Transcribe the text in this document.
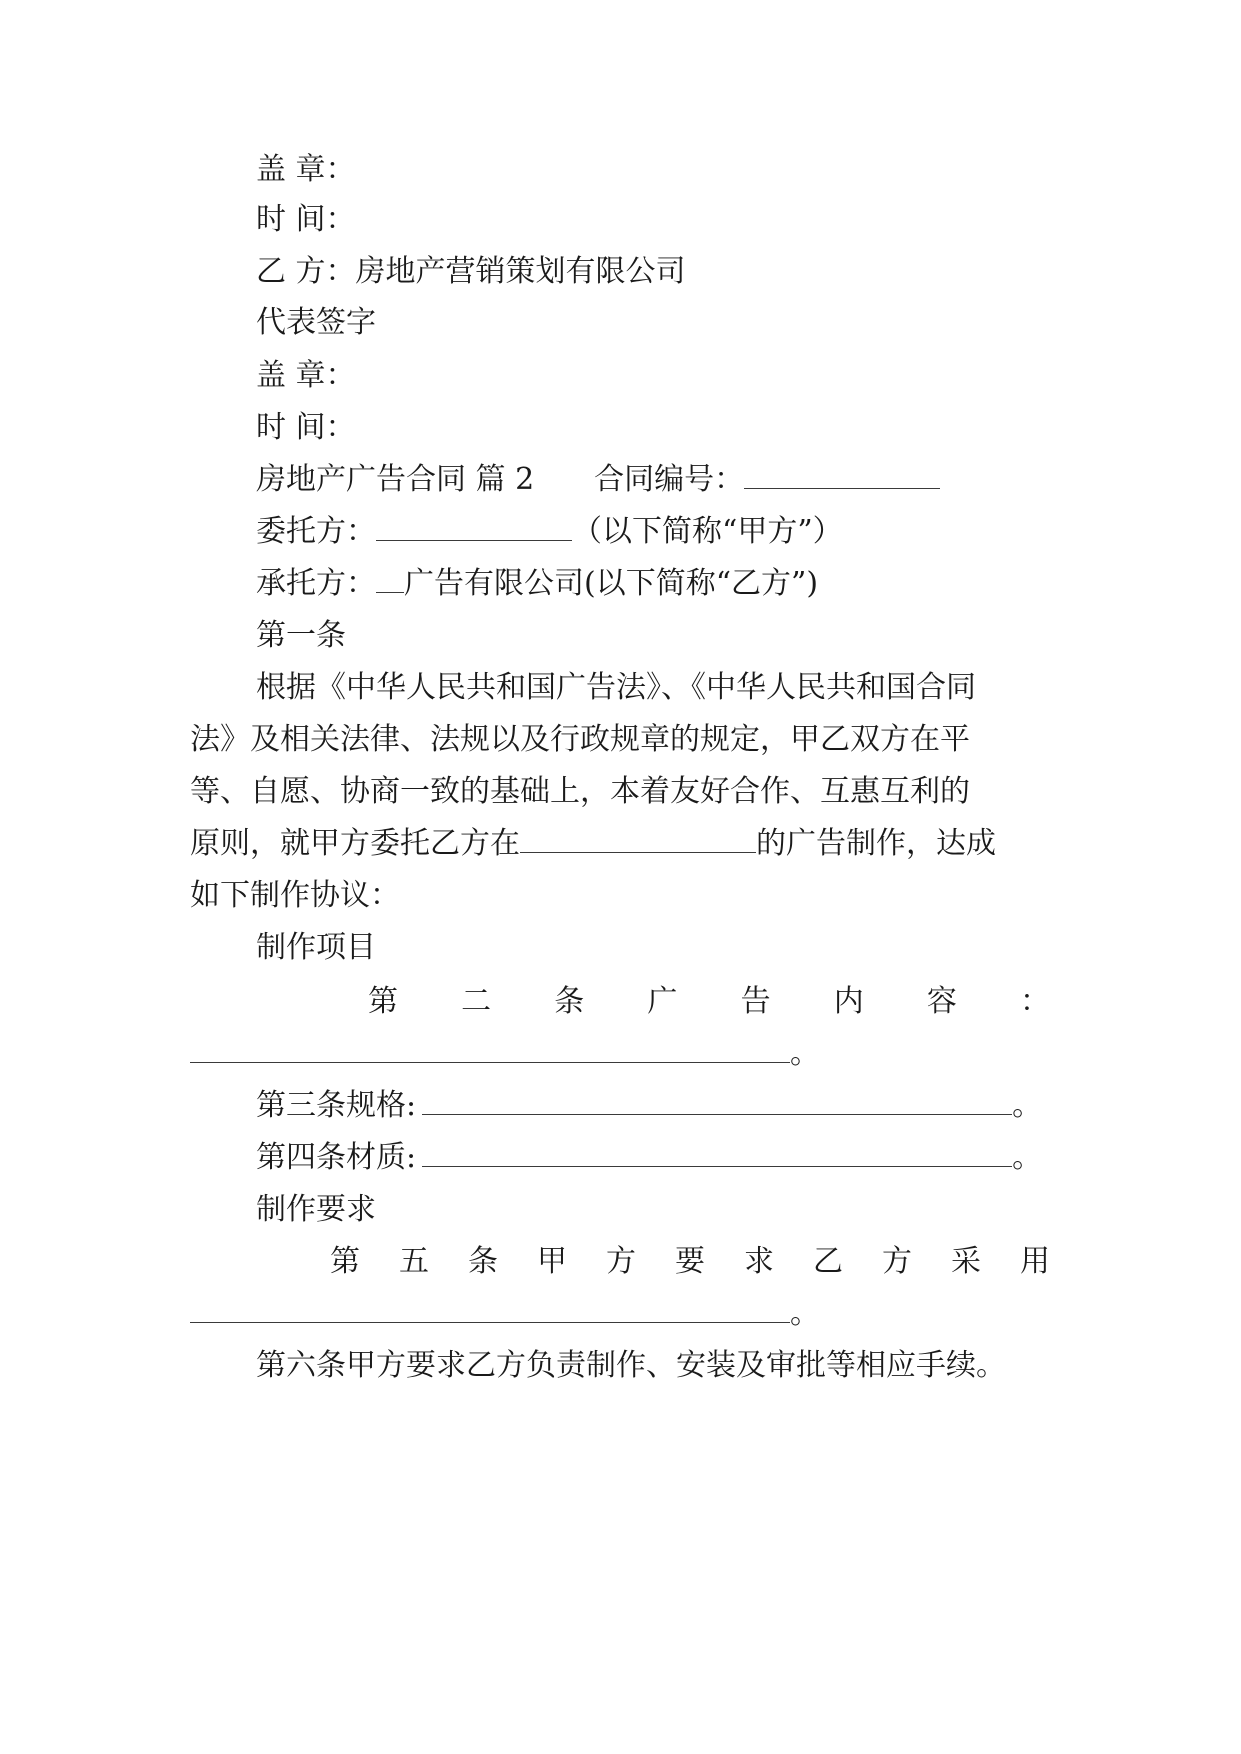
盖 章：
时 间：
乙 方：房地产营销策划有限公司
代表签字
盖 章：
时 间：
房地产广告合同 篇 2 合同编号：
委托方：	（以下简称“甲方”）
承托方： 广告有限公司(以下简称“乙方”)
第一条
根据《中华人民共和国广告法》、《中华人民共和国合同
法》及相关法律、法规以及行政规章的规定，甲乙双方在平
等、自愿、协商一致的基础上，本着友好合作、互惠互利的
原则，就甲方委托乙方在	的广告制作，达成
如下制作协议：
制作项目
第 二 条 广 告 内 容 ：
。
第三条规格:	。
第四条材质:	。
制作要求
第 五 条 甲 方 要 求 乙 方 采 用
。
第六条甲方要求乙方负责制作、安装及审批等相应手续。
